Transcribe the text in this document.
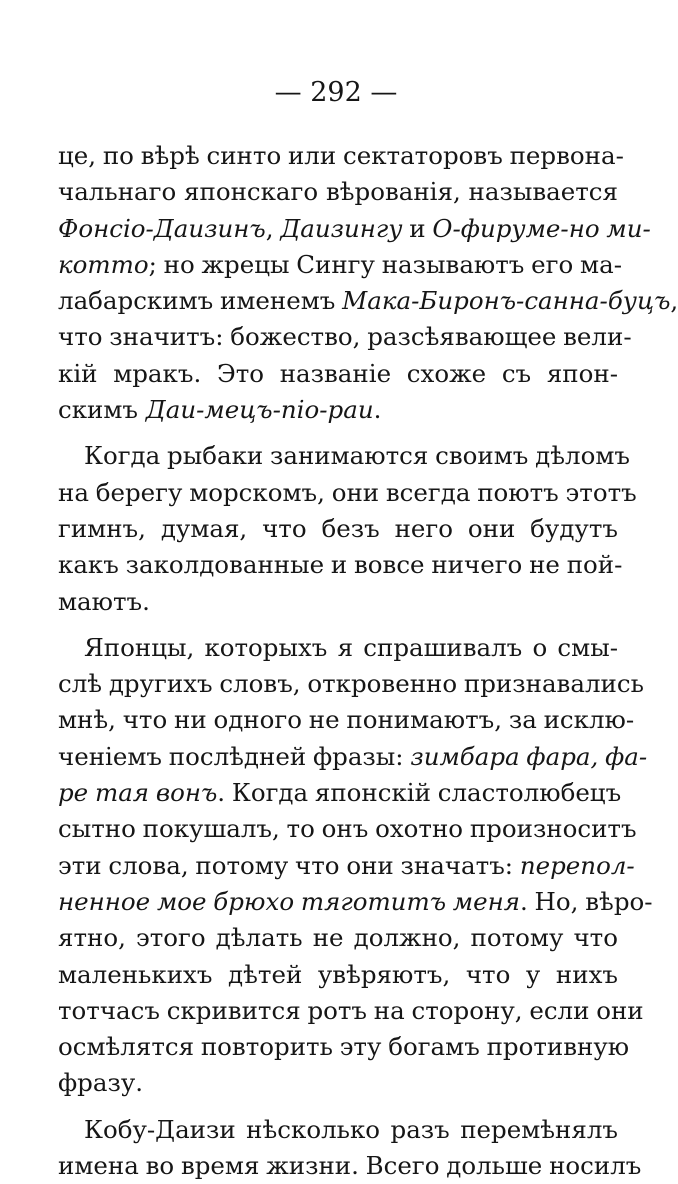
— 292 —
це, по вѣрѣ синто или сектаторовъ первона-
чальнаго японскаго вѣрованія, называется
Фонсіо-Даизинъ, Даизингу и О-фируме-но ми-
котто; но жрецы Сингу называютъ его ма-
лабарскимъ именемъ Мака-Биронъ-санна-буцъ,
что значитъ: божество, разсѣявающее вели-
кій мракъ. Это названіе схоже съ япон-
скимъ Даи-мецъ-піо-раи.
Когда рыбаки занимаются своимъ дѣломъ
на берегу морскомъ, они всегда поютъ этотъ
гимнъ, думая, что безъ него они будутъ
какъ заколдованные и вовсе ничего не пой-
маютъ.
Японцы, которыхъ я спрашивалъ о смы-
слѣ другихъ словъ, откровенно признавались
мнѣ, что ни одного не понимаютъ, за исклю-
ченіемъ послѣдней фразы: зимбара фара, фа-
ре тая вонъ. Когда японскій сластолюбецъ
сытно покушалъ, то онъ охотно произноситъ
эти слова, потому что они значатъ: перепол-
ненное мое брюхо тяготитъ меня. Но, вѣро-
ятно, этого дѣлать не должно, потому что
маленькихъ дѣтей увѣряютъ, что у нихъ
тотчасъ скривится ротъ на сторону, если они
осмѣлятся повторить эту богамъ противную
фразу.
Кобу-Даизи нѣсколько разъ перемѣнялъ
имена во время жизни. Всего дольше носилъ
